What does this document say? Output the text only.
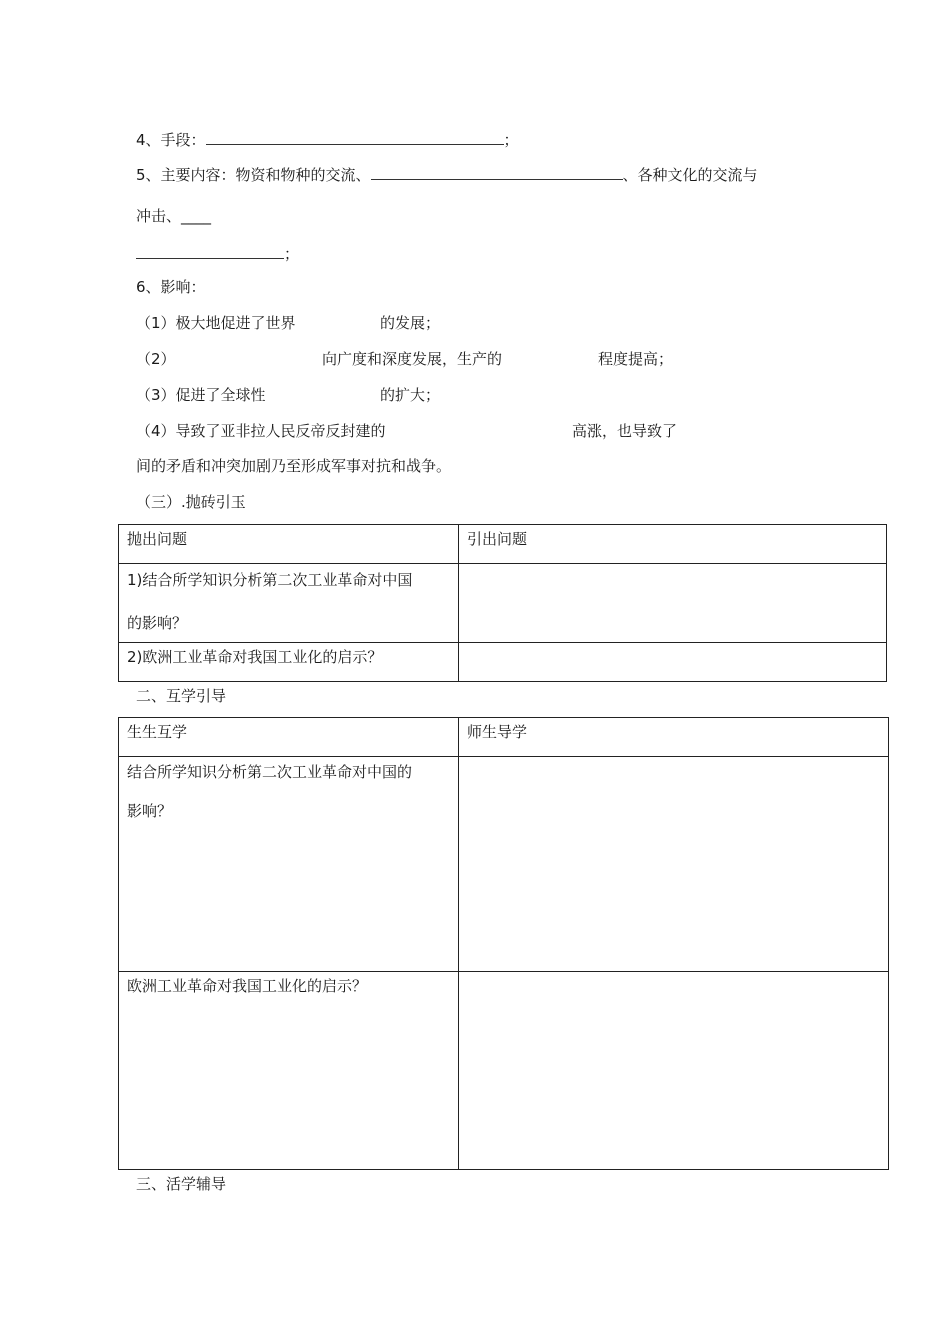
4、手段：	；
5、主要内容：物资和物种的交流、	、各种文化的交流与
冲击、____
；
6、影响：
（1）极大地促进了世界	的发展；
（2）	向广度和深度发展，生产的	程度提高；
（3）促进了全球性	的扩大；
（4）导致了亚非拉人民反帝反封建的	高涨，也导致了
间的矛盾和冲突加剧乃至形成军事对抗和战争。
（三）.抛砖引玉
抛出问题	引出问题

1)结合所学知识分析第二次工业革命对中国
的影响？	

2)欧洲工业革命对我国工业化的启示？	

二、互学引导
生生互学	师生导学

结合所学知识分析第二次工业革命对中国的
影响？	

欧洲工业革命对我国工业化的启示？	

三、活学辅导
